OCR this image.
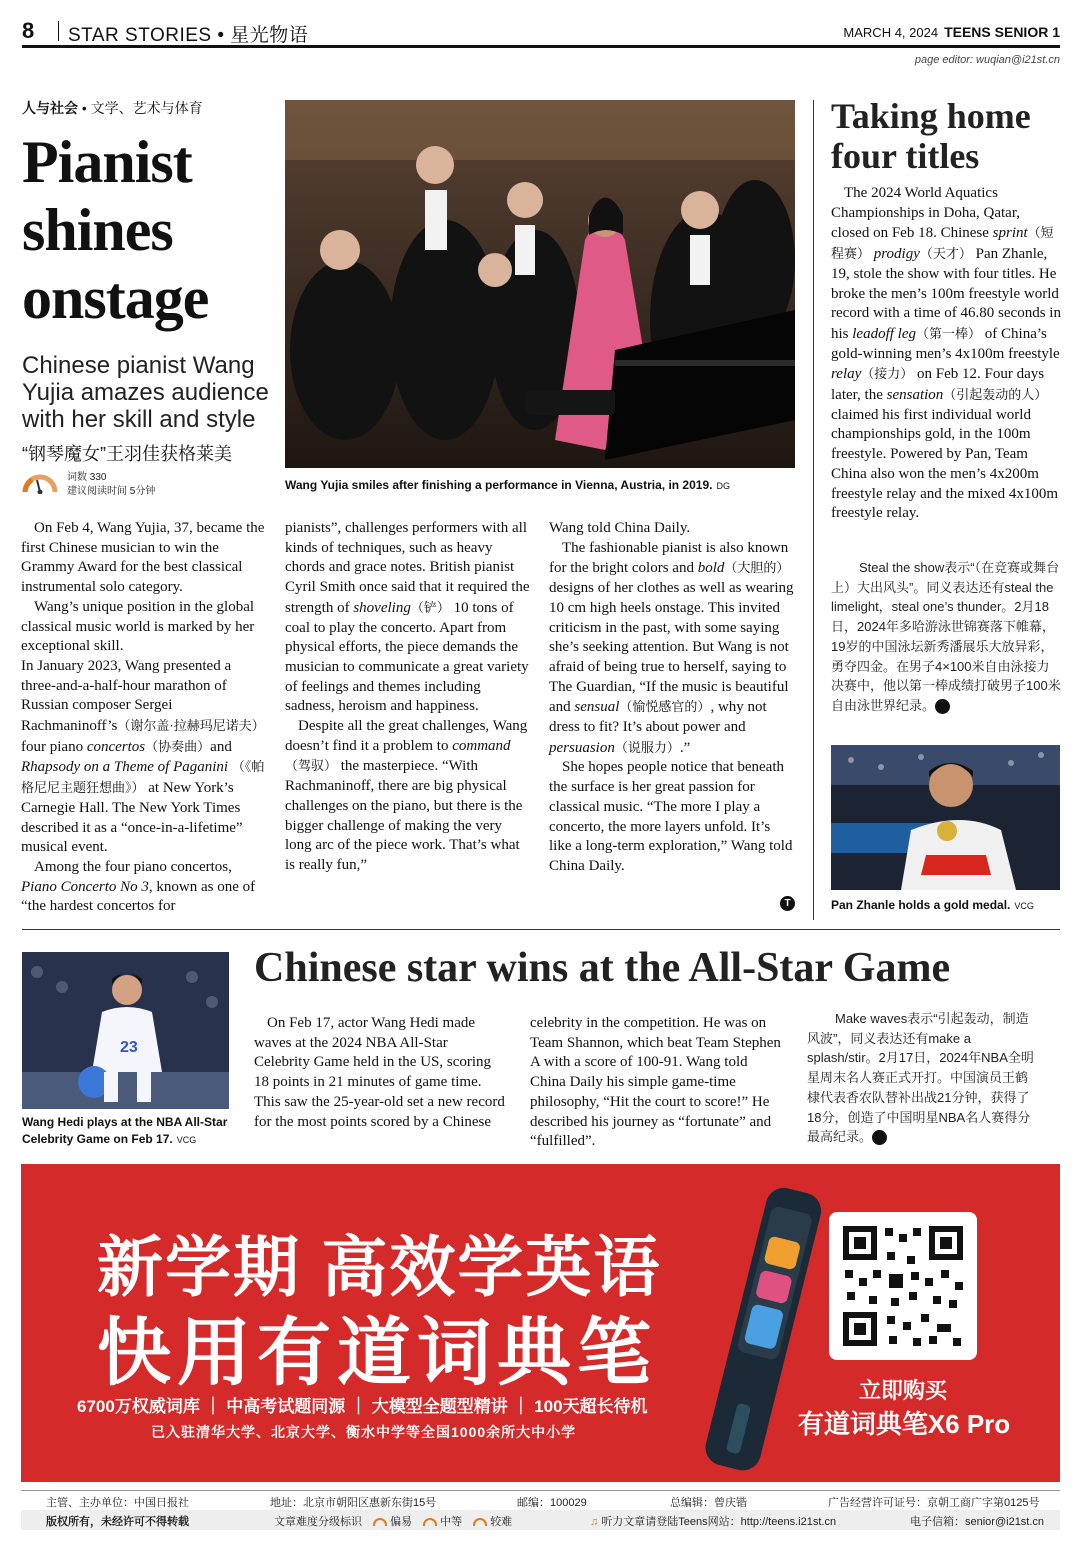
8 STAR STORIES • 星光物语	MARCH 4, 2024 TEENS SENIOR 1
page editor: wuqian@i21st.cn
人与社会 • 文学、艺术与体育
Pianist shines onstage
Chinese pianist Wang Yujia amazes audience with her skill and style
“钢琴魔女”王羽佳获格莱美
词数 330
建议阅读时间 5分钟	Wang Yujia smiles after finishing a performance in Vienna, Austria, in 2019. DG

On Feb 4, Wang Yujia, 37, became the first Chinese musician to win the Grammy Award for the best classical instrumental solo category.

Wang’s unique position in the global classical music world is marked by her exceptional skill.

In January 2023, Wang presented a three-and-a-half-hour marathon of Russian composer Sergei Rachmaninoff’s（谢尔盖·拉赫玛尼诺夫） four piano concertos（协奏曲）and Rhapsody on a Theme of Paganini （《帕格尼尼主题狂想曲》） at New York’s Carnegie Hall. The New York Times described it as a “once-in-a-lifetime” musical event.

Among the four piano concertos, Piano Concerto No 3, known as one of “the hardest concertos for

pianists”, challenges performers with all kinds of techniques, such as heavy chords and grace notes. British pianist Cyril Smith once said that it required the strength of shoveling（铲） 10 tons of coal to play the concerto. Apart from physical efforts, the piece demands the musician to communicate a great variety of feelings and themes including sadness, heroism and happiness.

Despite all the great challenges, Wang doesn’t find it a problem to command（驾驭） the masterpiece. “With Rachmaninoff, there are big physical challenges on the piano, but there is the bigger challenge of making the very long arc of the piece work. That’s what is really fun,”

Wang told China Daily.

The fashionable pianist is also known for the bright colors and bold（大胆的） designs of her clothes as well as wearing 10 cm high heels onstage. This invited criticism in the past, with some saying she’s seeking attention. But Wang is not afraid of being true to herself, saying to The Guardian, “If the music is beautiful and sensual（愉悦感官的）, why not dress to fit? It’s about power and persuasion（说服力）.”

She hopes people notice that beneath the surface is her great passion for classical music. “The more I play a concerto, the more layers unfold. It’s like a long-term exploration,” Wang told China Daily.

T
Taking home four titles

The 2024 World Aquatics Championships in Doha, Qatar, closed on Feb 18. Chinese sprint（短程赛） prodigy（天才） Pan Zhanle, 19, stole the show with four titles. He broke the men’s 100m freestyle world record with a time of 46.80 seconds in his leadoff leg（第一棒） of China’s gold-winning men’s 4x100m freestyle relay（接力） on Feb 12. Four days later, the sensation（引起轰动的人） claimed his first individual world championships gold, in the 100m freestyle. Powered by Pan, Team China also won the men’s 4x200m freestyle relay and the mixed 4x100m freestyle relay.

Steal the show表示“（在竞赛或舞台上）大出风头”。同义表达还有steal the limelight，steal one’s thunder。2月18日，2024年多哈游泳世锦赛落下帷幕，19岁的中国泳坛新秀潘展乐大放异彩，勇夺四金。在男子4×100米自由泳接力决赛中，他以第一棒成绩打破男子100米自由泳世界纪录。	T
Pan Zhanle holds a gold medal. VCG
23
Wang Hedi plays at the NBA All-Star Celebrity Game on Feb 17. VCG
Chinese star wins at the All-Star Game

On Feb 17, actor Wang Hedi made waves at the 2024 NBA All-Star Celebrity Game held in the US, scoring 18 points in 21 minutes of game time. This saw the 25-year-old set a new record for the most points scored by a Chinese

celebrity in the competition. He was on Team Shannon, which beat Team Stephen A with a score of 100-91. Wang told China Daily his simple game-time philosophy, “Hit the court to score!” He described his journey as “fortunate” and “fulfilled”.

Make waves表示“引起轰动，制造风波”，同义表达还有make a splash/stir。2月17日，2024年NBA全明星周末名人赛正式开打。中国演员王鹤棣代表香农队替补出战21分钟，获得了18分，创造了中国明星NBA名人赛得分最高纪录。	T
新学期 高效学英语
快用有道词典笔
6700万权威词库 ｜ 中高考试题同源 ｜ 大模型全题型精讲 ｜ 100天超长待机
已入驻清华大学、北京大学、衡水中学等全国1000余所大中小学
立即购买
有道词典笔X6 Pro
主管、主办单位：中国日报社	地址：北京市朝阳区惠新东街15号	邮编：100029	总编辑：曾庆锴	广告经营许可证号：京朝工商广字第0125号
版权所有，未经许可不得转载	文章难度分级标识	偏易	中等	较难	♫ 听力文章请登陆Teens网站：http://teens.i21st.cn	电子信箱：senior@i21st.cn
